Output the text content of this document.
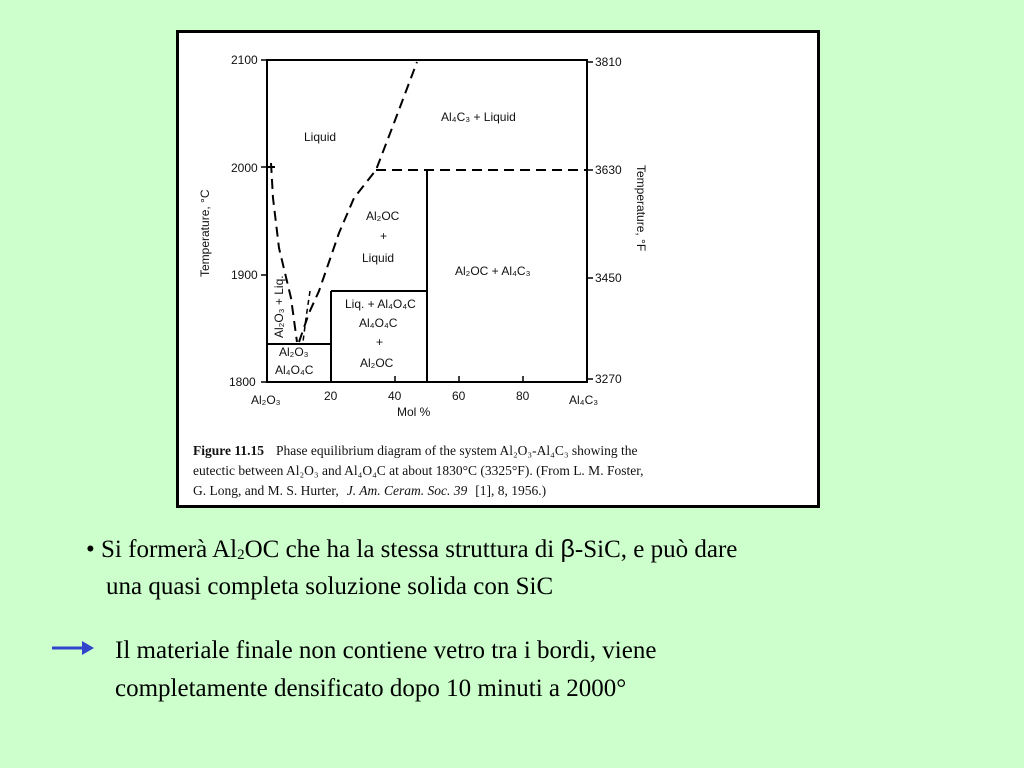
Liquid
Al₄C₃ + Liquid
Al₂OC
+
Liquid
Al₂OC + Al₄C₃
Liq. + Al₄O₄C
Al₄O₄C
+
Al₂OC
Al₂O₃
Al₄O₄C
Al₂O₃ + Liq.
2100
2000
1900
1800
3810
3630
3450
3270
Al₂O₃	20	40	60	80	Al₄C₃
Mol %
Temperature, °C	Temperature, °F
Figure 11.15 Phase equilibrium diagram of the system Al₂O₃-Al₄C₃ showing the
eutectic between Al₂O₃ and Al₄O₄C at about 1830°C (3325°F). (From L. M. Foster,
G. Long, and M. S. Hurter, J. Am. Ceram. Soc. 39 [1], 8, 1956.)
• Si formerà $Al_2OC$ che ha la stessa struttura di β-SiC, e può dare
una quasi completa soluzione solida con SiC
Il materiale finale non contiene vetro tra i bordi, viene
completamente densificato dopo 10 minuti a 2000°
